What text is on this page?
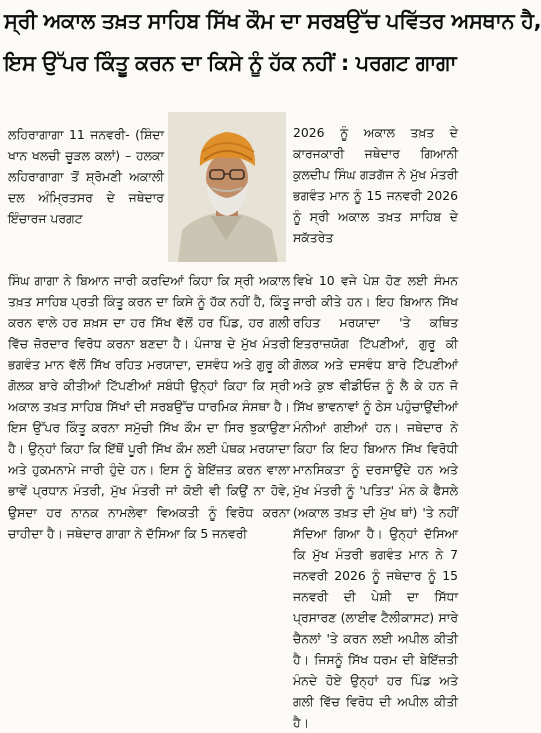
ਸ੍ਰੀ ਅਕਾਲ ਤਖ਼ਤ ਸਾਹਿਬ ਸਿੱਖ ਕੌਮ ਦਾ ਸਰਬਉੱਚ ਪਵਿੱਤਰ ਅਸਥਾਨ ਹੈ,
ਇਸ ਉੱਪਰ ਕਿੰਤੂ ਕਰਨ ਦਾ ਕਿਸੇ ਨੂੰ ਹੱਕ ਨਹੀਂ : ਪਰਗਟ ਗਾਗਾ

ਲਹਿਰਾਗਾਗਾ 11 ਜਨਵਰੀ- (ਸ਼ਿੰਦਾ ਖਾਨ ਖਲਚੀ ਚੂੜਲ ਕਲਾਂ) – ਹਲਕਾ ਲਹਿਰਾਗਾਗਾ ਤੋਂ ਸ਼੍ਰੋਮਣੀ ਅਕਾਲੀ ਦਲ ਅੰਮ੍ਰਿਤਸਰ ਦੇ ਜਥੇਦਾਰ ਇੰਚਾਰਜ ਪਰਗਟ

2026 ਨੂੰ ਅਕਾਲ ਤਖ਼ਤ ਦੇ ਕਾਰਜਕਾਰੀ ਜਥੇਦਾਰ ਗਿਆਨੀ ਕੁਲਦੀਪ ਸਿੰਘ ਗੜਗੱਜ ਨੇ ਮੁੱਖ ਮੰਤਰੀ ਭਗਵੰਤ ਮਾਨ ਨੂੰ 15 ਜਨਵਰੀ 2026 ਨੂੰ ਸ੍ਰੀ ਅਕਾਲ ਤਖ਼ਤ ਸਾਹਿਬ ਦੇ ਸਕੱਤਰੇਤ

ਸਿੰਘ ਗਾਗਾ ਨੇ ਬਿਆਨ ਜਾਰੀ ਕਰਦਿਆਂ ਕਿਹਾ ਕਿ ਸ੍ਰੀ ਅਕਾਲ ਤਖ਼ਤ ਸਾਹਿਬ ਪ੍ਰਤੀ ਕਿੰਤੂ ਕਰਨ ਦਾ ਕਿਸੇ ਨੂੰ ਹੱਕ ਨਹੀਂ ਹੈ, ਕਿੰਤੂ ਕਰਨ ਵਾਲੇ ਹਰ ਸ਼ਖ਼ਸ ਦਾ ਹਰ ਸਿੱਖ ਵੱਲੋਂ ਹਰ ਪਿੰਡ, ਹਰ ਗਲੀ ਵਿੱਚ ਜ਼ੋਰਦਾਰ ਵਿਰੋਧ ਕਰਨਾ ਬਣਦਾ ਹੈ। ਪੰਜਾਬ ਦੇ ਮੁੱਖ ਮੰਤਰੀ ਭਗਵੰਤ ਮਾਨ ਵੱਲੋਂ ਸਿੱਖ ਰਹਿਤ ਮਰਯਾਦਾ, ਦਸਵੰਧ ਅਤੇ ਗੁਰੂ ਕੀ ਗੋਲਕ ਬਾਰੇ ਕੀਤੀਆਂ ਟਿੱਪਣੀਆਂ ਸਬੰਧੀ ਉਨ੍ਹਾਂ ਕਿਹਾ ਕਿ ਸ੍ਰੀ ਅਕਾਲ ਤਖ਼ਤ ਸਾਹਿਬ ਸਿੱਖਾਂ ਦੀ ਸਰਬਉੱਚ ਧਾਰਮਿਕ ਸੰਸਥਾ ਹੈ। ਇਸ ਉੱਪਰ ਕਿੰਤੂ ਕਰਨਾ ਸਮੁੱਚੀ ਸਿੱਖ ਕੌਮ ਦਾ ਸਿਰ ਝੁਕਾਉਣਾ ਹੈ। ਉਨ੍ਹਾਂ ਕਿਹਾ ਕਿ ਇੱਥੋਂ ਪੂਰੀ ਸਿੱਖ ਕੌਮ ਲਈ ਪੰਥਕ ਮਰਯਾਦਾ ਅਤੇ ਹੁਕਮਨਾਮੇ ਜਾਰੀ ਹੁੰਦੇ ਹਨ। ਇਸ ਨੂੰ ਬੇਇੱਜ਼ਤ ਕਰਨ ਵਾਲਾ ਭਾਵੇਂ ਪ੍ਰਧਾਨ ਮੰਤਰੀ, ਮੁੱਖ ਮੰਤਰੀ ਜਾਂ ਕੋਈ ਵੀ ਕਿਉਂ ਨਾ ਹੋਵੇ, ਉਸਦਾ ਹਰ ਨਾਨਕ ਨਾਮਲੇਵਾ ਵਿਅਕਤੀ ਨੂੰ ਵਿਰੋਧ ਕਰਨਾ ਚਾਹੀਦਾ ਹੈ। ਜਥੇਦਾਰ ਗਾਗਾ ਨੇ ਦੱਸਿਆ ਕਿ 5 ਜਨਵਰੀ

ਵਿਖੇ 10 ਵਜੇ ਪੇਸ਼ ਹੋਣ ਲਈ ਸੰਮਨ ਜਾਰੀ ਕੀਤੇ ਹਨ। ਇਹ ਬਿਆਨ ਸਿੱਖ ਰਹਿਤ ਮਰਯਾਦਾ 'ਤੇ ਕਥਿਤ ਇਤਰਾਜ਼ਯੋਗ ਟਿੱਪਣੀਆਂ, ਗੁਰੂ ਕੀ ਗੋਲਕ ਅਤੇ ਦਸਵੰਧ ਬਾਰੇ ਟਿੱਪਣੀਆਂ ਅਤੇ ਕੁਝ ਵੀਡੀਓਜ਼ ਨੂੰ ਲੈ ਕੇ ਹਨ ਜੋ ਸਿੱਖ ਭਾਵਨਾਵਾਂ ਨੂੰ ਠੇਸ ਪਹੁੰਚਾਉਂਦੀਆਂ ਮੰਨੀਆਂ ਗਈਆਂ ਹਨ। ਜਥੇਦਾਰ ਨੇ ਕਿਹਾ ਕਿ ਇਹ ਬਿਆਨ ਸਿੱਖ ਵਿਰੋਧੀ ਮਾਨਸਿਕਤਾ ਨੂੰ ਦਰਸਾਉਂਦੇ ਹਨ ਅਤੇ ਮੁੱਖ ਮੰਤਰੀ ਨੂੰ 'ਪਤਿਤ' ਮੰਨ ਕੇ ਫੈਸਲੇ (ਅਕਾਲ ਤਖ਼ਤ ਦੀ ਮੁੱਖ ਥਾਂ) 'ਤੇ ਨਹੀਂ ਸੱਦਿਆ ਗਿਆ ਹੈ। ਉਨ੍ਹਾਂ ਦੱਸਿਆ ਕਿ ਮੁੱਖ ਮੰਤਰੀ ਭਗਵੰਤ ਮਾਨ ਨੇ 7 ਜਨਵਰੀ 2026 ਨੂੰ ਜਥੇਦਾਰ ਨੂੰ 15 ਜਨਵਰੀ ਦੀ ਪੇਸ਼ੀ ਦਾ ਸਿੱਧਾ ਪ੍ਰਸਾਰਣ (ਲਾਈਵ ਟੈਲੀਕਾਸਟ) ਸਾਰੇ ਚੈਨਲਾਂ 'ਤੇ ਕਰਨ ਲਈ ਅਪੀਲ ਕੀਤੀ ਹੈ। ਜਿਸਨੂੰ ਸਿੱਖ ਧਰਮ ਦੀ ਬੇਇੱਜ਼ਤੀ ਮੰਨਦੇ ਹੋਏ ਉਨ੍ਹਾਂ ਹਰ ਪਿੰਡ ਅਤੇ ਗਲੀ ਵਿੱਚ ਵਿਰੋਧ ਦੀ ਅਪੀਲ ਕੀਤੀ ਹੈ।
